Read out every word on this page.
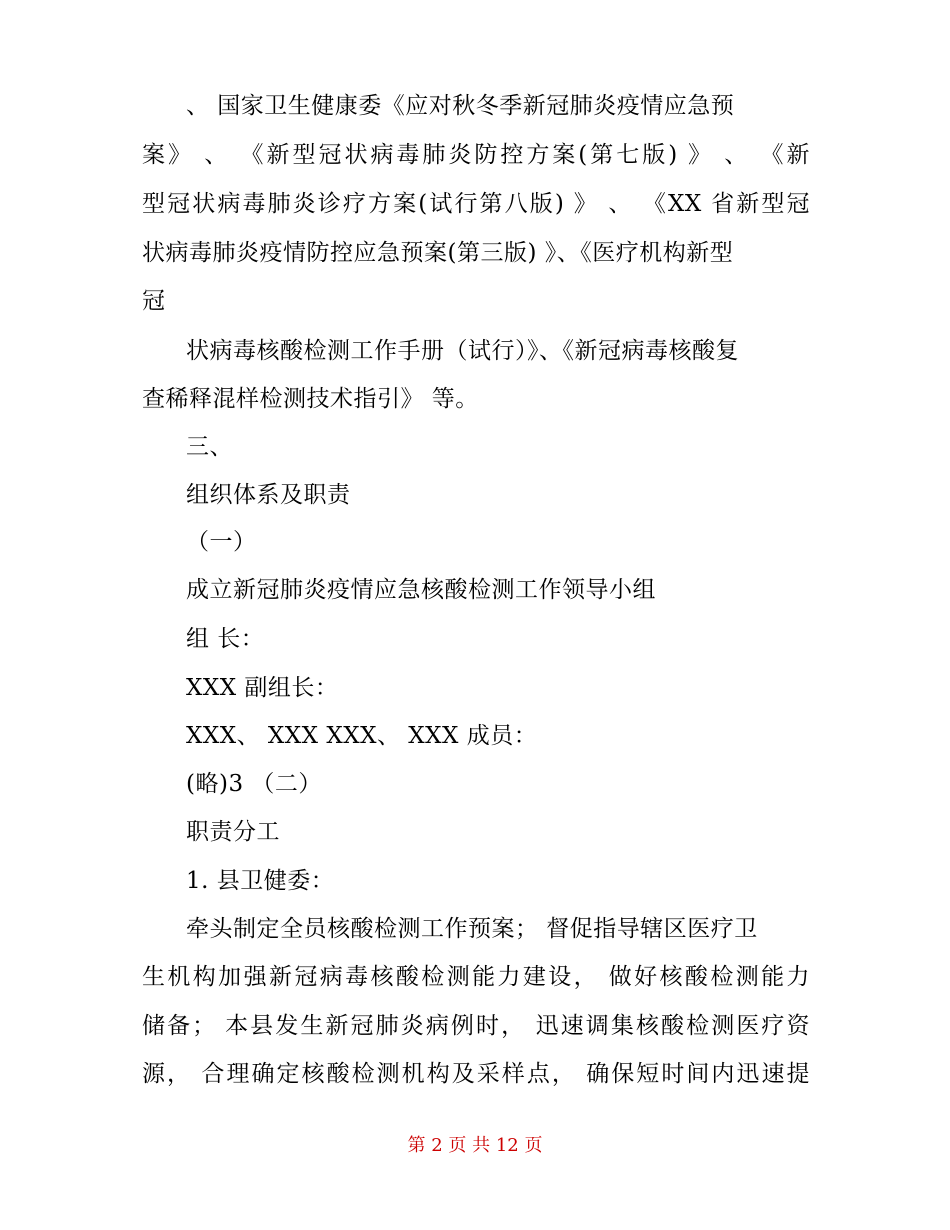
、 国家卫生健康委《应对秋冬季新冠肺炎疫情应急预
案》 、 《新型冠状病毒肺炎防控方案(第七版) 》 、 《新
型冠状病毒肺炎诊疗方案(试行第八版) 》 、 《XX 省新型冠
状病毒肺炎疫情防控应急预案(第三版) 》、《医疗机构新型
冠
状病毒核酸检测工作手册（试行）》、《新冠病毒核酸复
查稀释混样检测技术指引》 等。
三、
组织体系及职责
（一）
成立新冠肺炎疫情应急核酸检测工作领导小组
组 长：
XXX 副组长：
XXX、 XXX XXX、 XXX 成员：
(略)3 （二）
职责分工
1. 县卫健委：
牵头制定全员核酸检测工作预案； 督促指导辖区医疗卫
生机构加强新冠病毒核酸检测能力建设， 做好核酸检测能力
储备； 本县发生新冠肺炎病例时， 迅速调集核酸检测医疗资
源， 合理确定核酸检测机构及采样点， 确保短时间内迅速提
第 2 页 共 12 页
